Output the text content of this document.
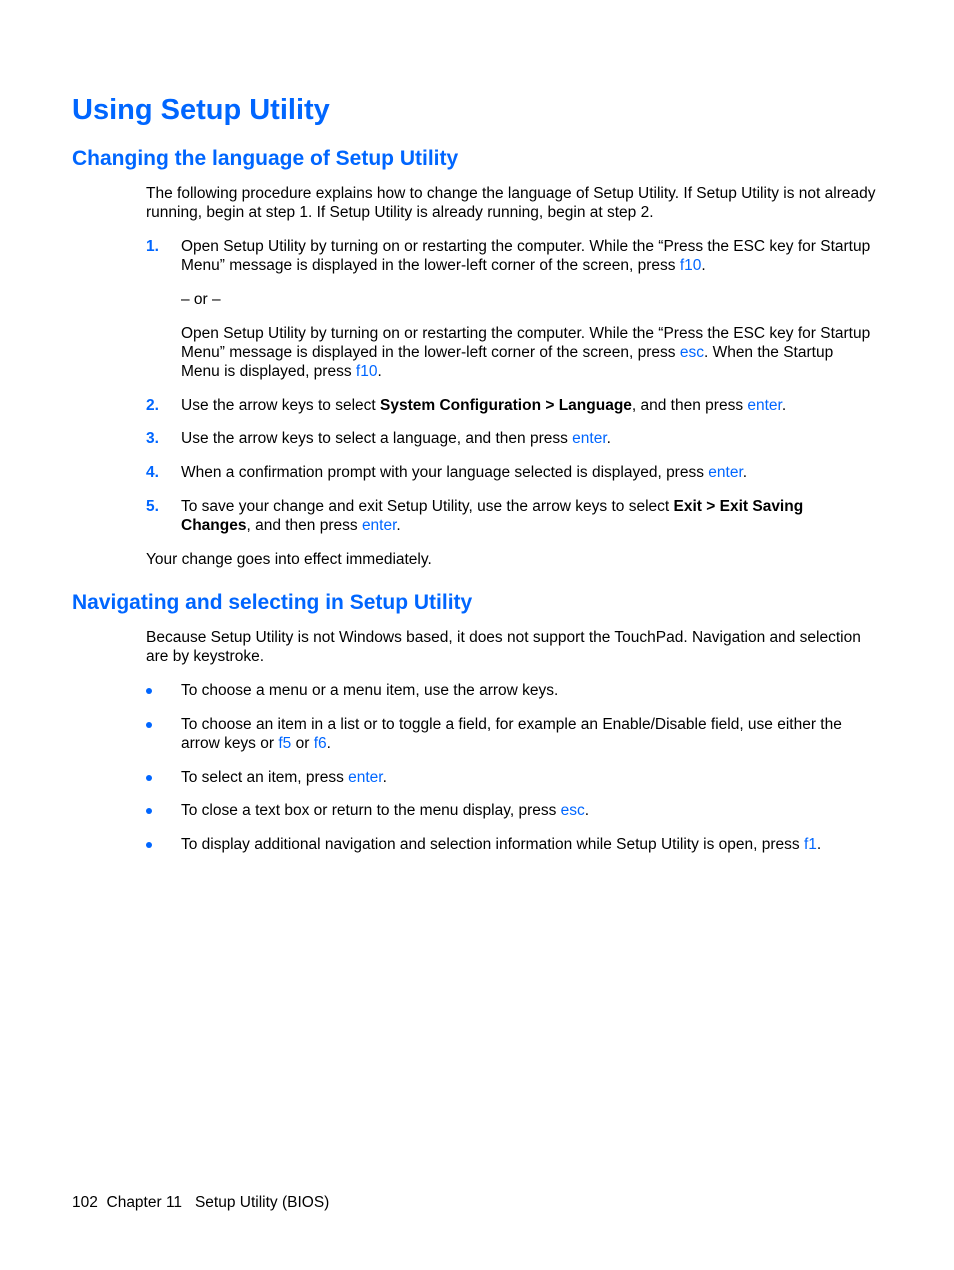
Using Setup Utility
Changing the language of Setup Utility

The following procedure explains how to change the language of Setup Utility. If Setup Utility is not already running, begin at step 1. If Setup Utility is already running, begin at step 2.

1. Open Setup Utility by turning on or restarting the computer. While the “Press the ESC key for Startup Menu” message is displayed in the lower-left corner of the screen, press f10.

– or –

Open Setup Utility by turning on or restarting the computer. While the “Press the ESC key for Startup Menu” message is displayed in the lower-left corner of the screen, press esc. When the Startup Menu is displayed, press f10.

2. Use the arrow keys to select System Configuration > Language, and then press enter.

3. Use the arrow keys to select a language, and then press enter.

4. When a confirmation prompt with your language selected is displayed, press enter.

5. To save your change and exit Setup Utility, use the arrow keys to select Exit > Exit Saving Changes, and then press enter.

Your change goes into effect immediately.

Navigating and selecting in Setup Utility

Because Setup Utility is not Windows based, it does not support the TouchPad. Navigation and selection are by keystroke.

To choose a menu or a menu item, use the arrow keys.

To choose an item in a list or to toggle a field, for example an Enable/Disable field, use either the arrow keys or f5 or f6.

To select an item, press enter.

To close a text box or return to the menu display, press esc.

To display additional navigation and selection information while Setup Utility is open, press f1.

102 Chapter 11 Setup Utility (BIOS)
